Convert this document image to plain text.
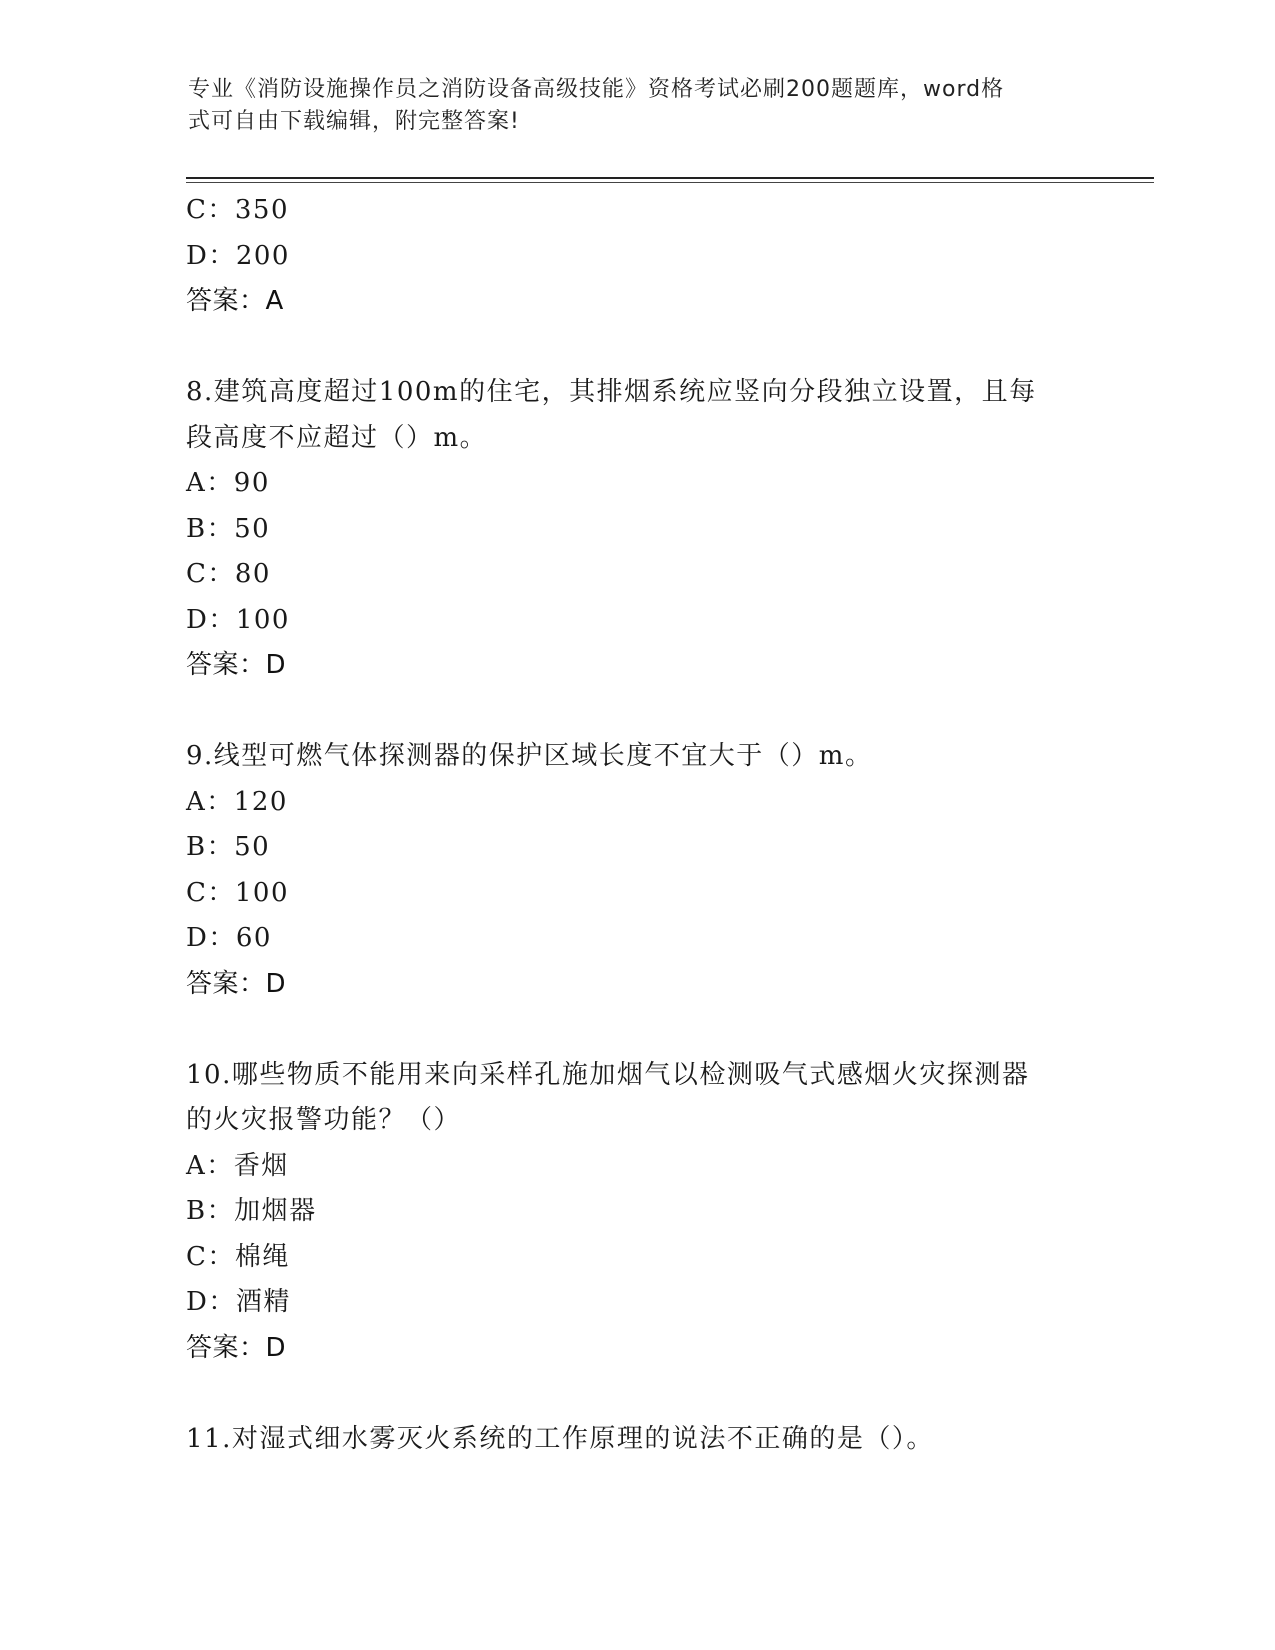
专业《消防设施操作员之消防设备高级技能》资格考试必刷200题题库，word格
式可自由下载编辑，附完整答案!
C：350
D：200
答案：A
8.建筑高度超过100m的住宅，其排烟系统应竖向分段独立设置，且每
段高度不应超过（）m。
A：90
B：50
C：80
D：100
答案：D
9.线型可燃气体探测器的保护区域长度不宜大于（）m。
A：120
B：50
C：100
D：60
答案：D
10.哪些物质不能用来向采样孔施加烟气以检测吸气式感烟火灾探测器
的火灾报警功能？（）
A：香烟
B：加烟器
C：棉绳
D：酒精
答案：D
11.对湿式细水雾灭火系统的工作原理的说法不正确的是（）。
